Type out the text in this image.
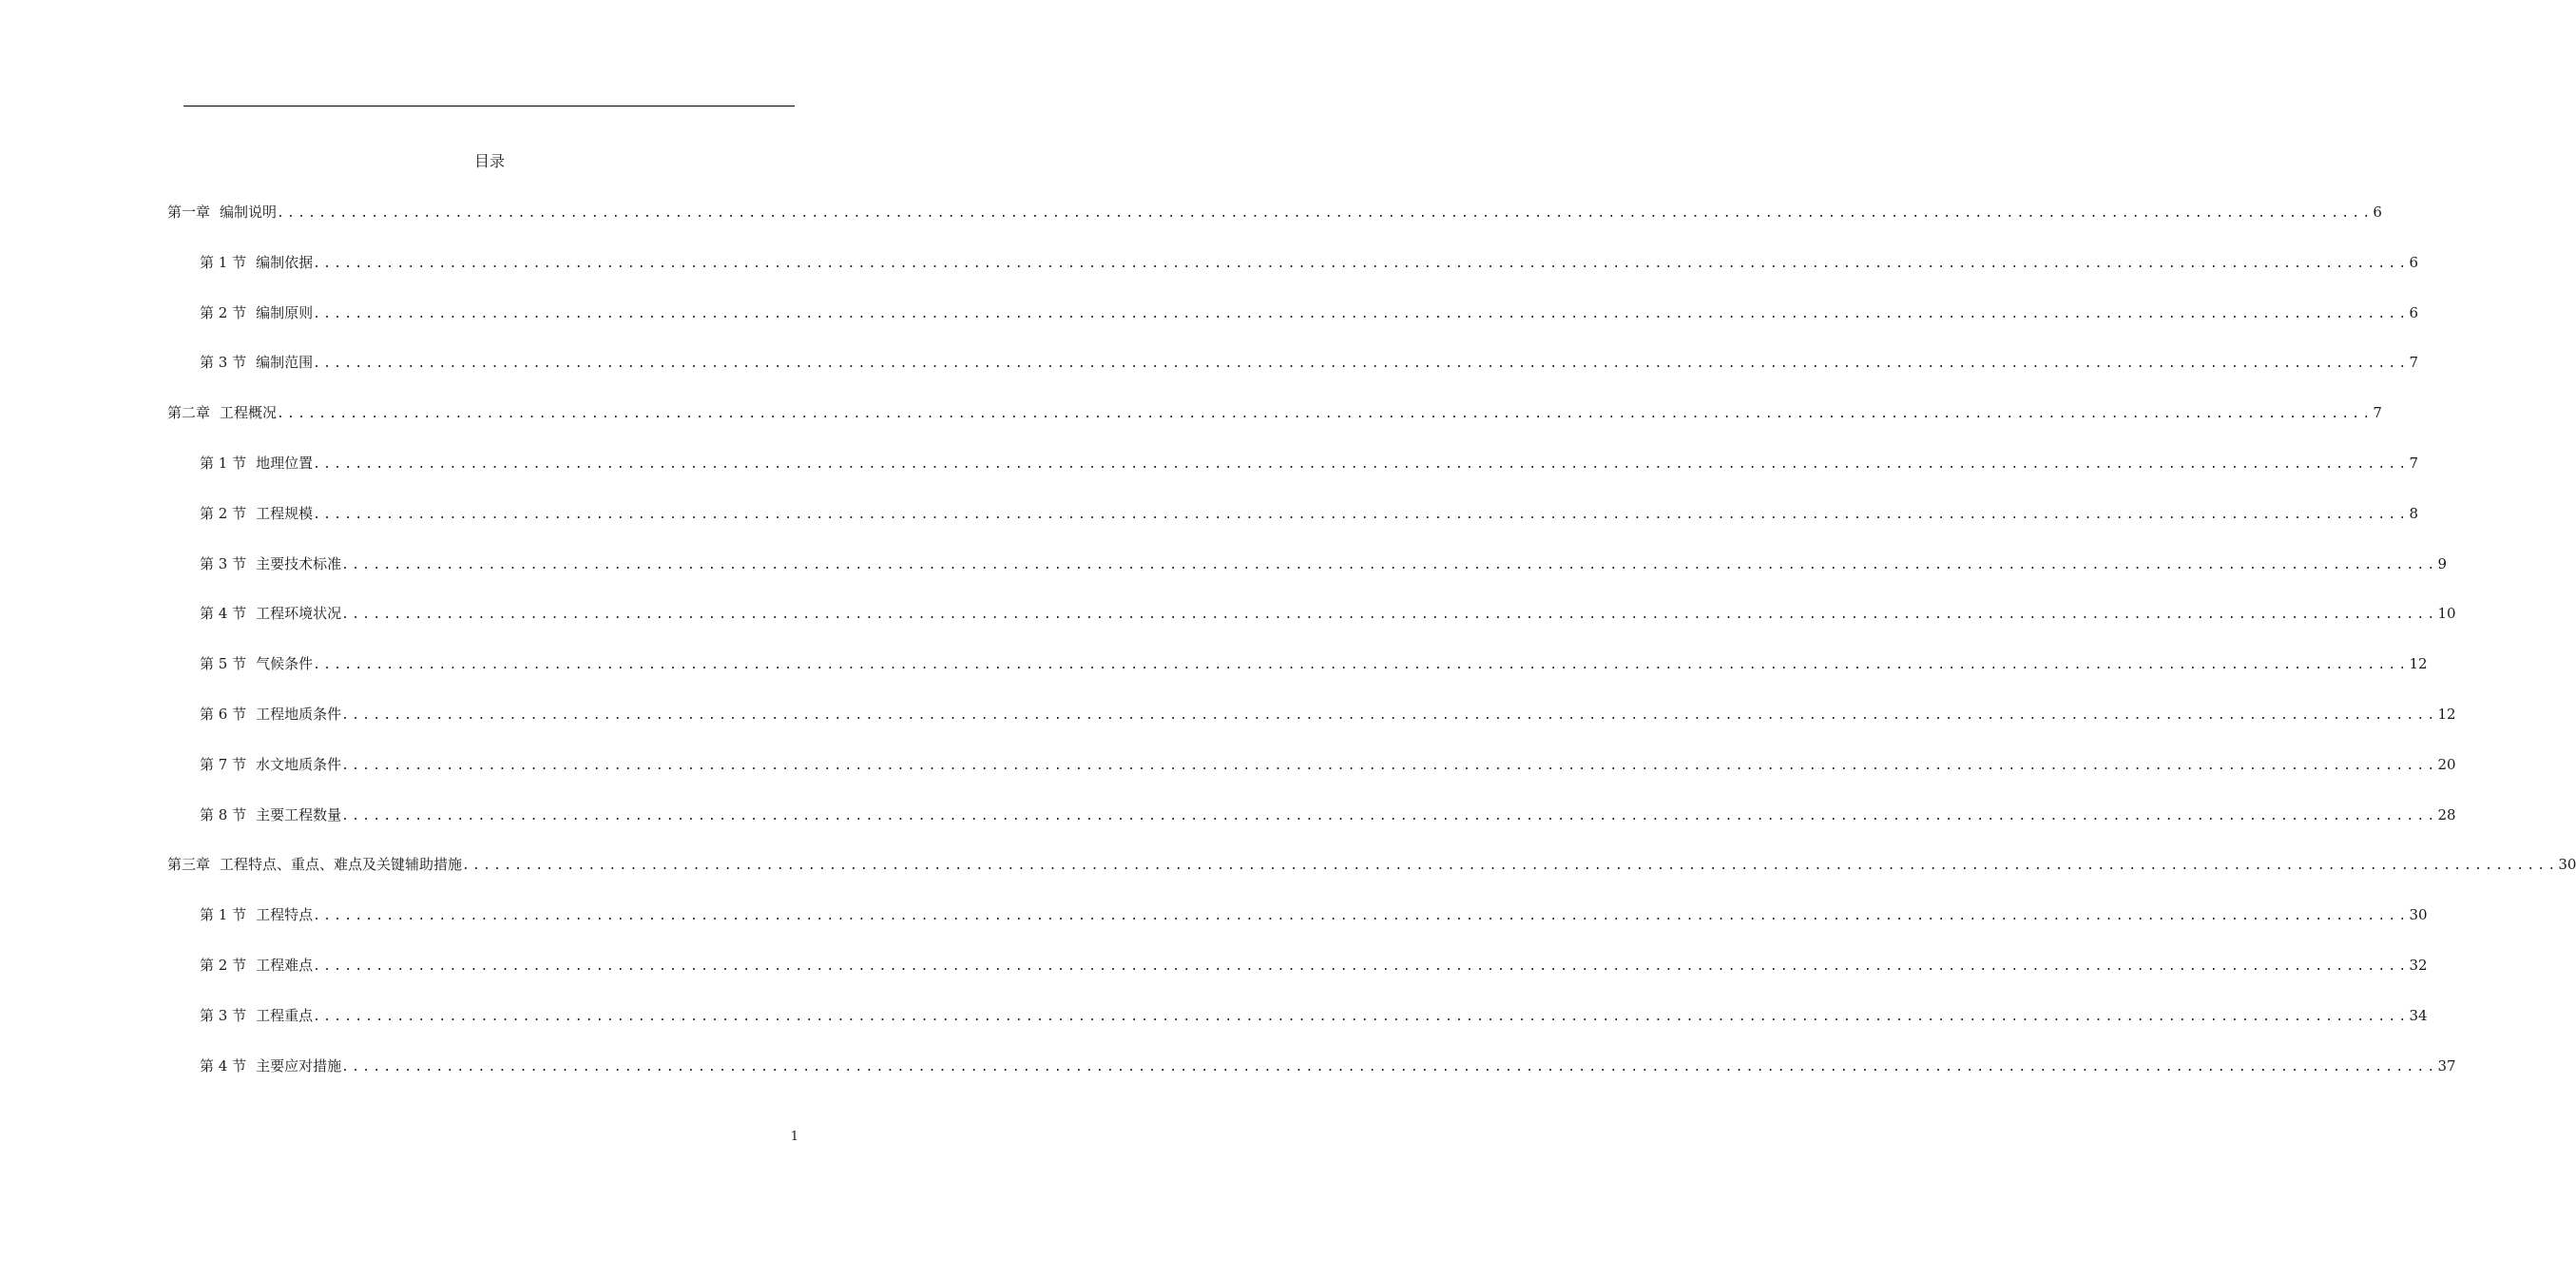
目录
第一章 编制说明 ........................................................................................................................................................................................................ 6
第 1 节 编制依据 ........................................................................................................................................................................................................ 6
第 2 节 编制原则 ........................................................................................................................................................................................................ 6
第 3 节 编制范围 ........................................................................................................................................................................................................ 7
第二章 工程概况 ........................................................................................................................................................................................................ 7
第 1 节 地理位置 ........................................................................................................................................................................................................ 7
第 2 节 工程规模 ........................................................................................................................................................................................................ 8
第 3 节 主要技术标准 ........................................................................................................................................................................................................ 9
第 4 节 工程环境状况 ........................................................................................................................................................................................................ 10
第 5 节 气候条件 ........................................................................................................................................................................................................ 12
第 6 节 工程地质条件 ........................................................................................................................................................................................................ 12
第 7 节 水文地质条件 ........................................................................................................................................................................................................ 20
第 8 节 主要工程数量 ........................................................................................................................................................................................................ 28
第三章 工程特点、重点、难点及关键辅助措施 ........................................................................................................................................................................................................ 30
第 1 节 工程特点 ........................................................................................................................................................................................................ 30
第 2 节 工程难点 ........................................................................................................................................................................................................ 32
第 3 节 工程重点 ........................................................................................................................................................................................................ 34
第 4 节 主要应对措施 ........................................................................................................................................................................................................ 37
1
